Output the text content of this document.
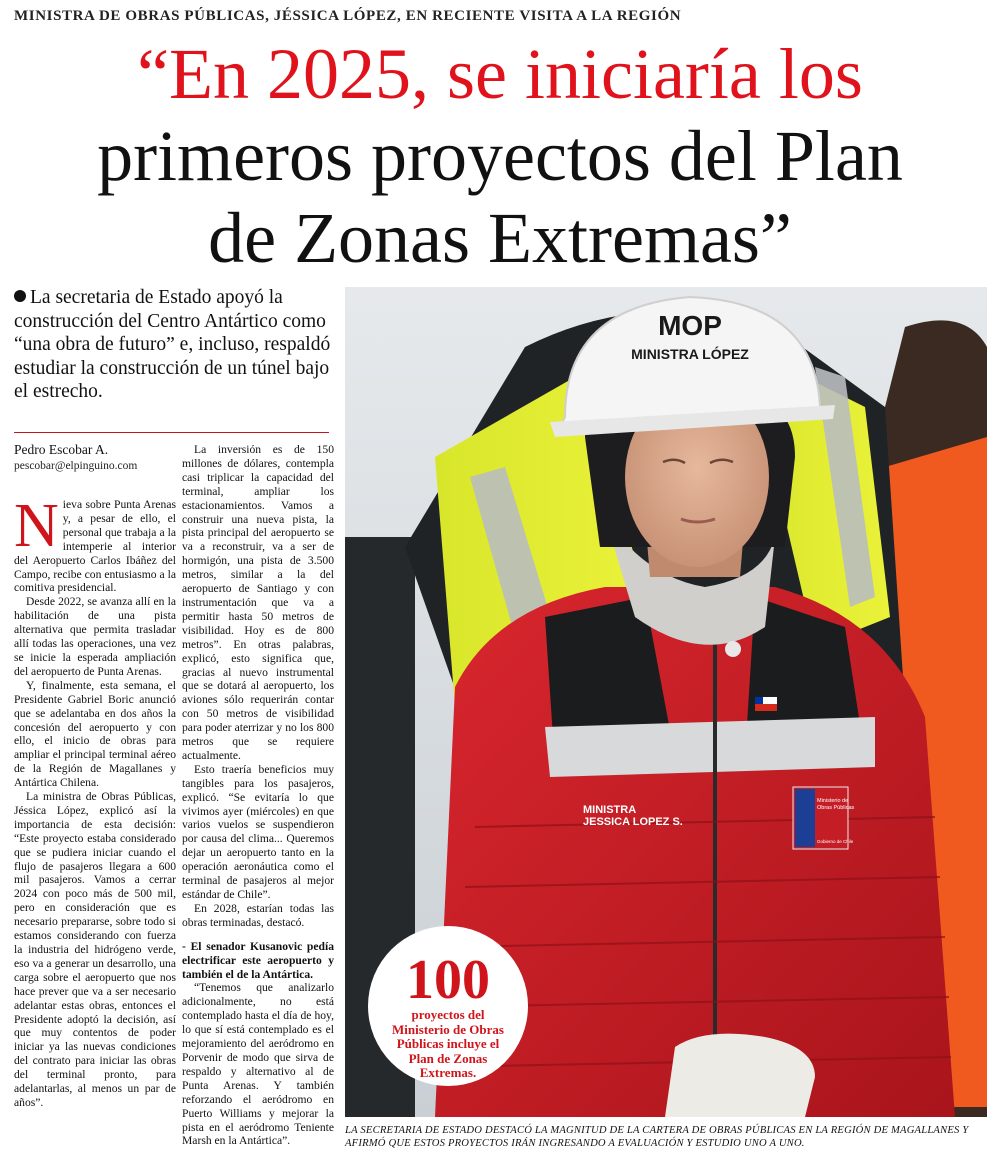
MINISTRA DE OBRAS PÚBLICAS, JÉSSICA LÓPEZ, EN RECIENTE VISITA A LA REGIÓN
“En 2025, se iniciaría los
primeros proyectos del Plan
de Zonas Extremas”
La secretaria de Estado apoyó la construcción del Centro Antártico como “una obra de futuro” e, incluso, respaldó estudiar la construcción de un túnel bajo el estrecho.
Pedro Escobar A.
pescobar@elpinguino.com

Nieva sobre Punta Arenas y, a pesar de ello, el personal que trabaja a la intemperie al interior del Aeropuerto Carlos Ibáñez del Campo, recibe con entusiasmo a la comitiva presidencial.

Desde 2022, se avanza allí en la habilitación de una pista alternativa que permita trasladar allí todas las operaciones, una vez se inicie la esperada ampliación del aeropuerto de Punta Arenas.

Y, finalmente, esta semana, el Presidente Gabriel Boric anunció que se adelantaba en dos años la concesión del aeropuerto y con ello, el inicio de obras para ampliar el principal terminal aéreo de la Región de Magallanes y Antártica Chilena.

La ministra de Obras Públicas, Jéssica López, explicó así la importancia de esta decisión: “Este proyecto estaba considerado que se pudiera iniciar cuando el flujo de pasajeros llegara a 600 mil pasajeros. Vamos a cerrar 2024 con poco más de 500 mil, pero en consideración que es necesario prepararse, sobre todo si estamos considerando con fuerza la industria del hidrógeno verde, eso va a generar un desarrollo, una carga sobre el aeropuerto que nos hace prever que va a ser necesario adelantar estas obras, entonces el Presidente adoptó la decisión, así que muy contentos de poder iniciar ya las nuevas condiciones del contrato para iniciar las obras del terminal pronto, para adelantarlas, al menos un par de años”.

La inversión es de 150 millones de dólares, contempla casi triplicar la capacidad del terminal, ampliar los estacionamientos. Vamos a construir una nueva pista, la pista principal del aeropuerto se va a reconstruir, va a ser de hormigón, una pista de 3.500 metros, similar a la del aeropuerto de Santiago y con instrumentación que va a permitir hasta 50 metros de visibilidad. Hoy es de 800 metros”. En otras palabras, explicó, esto significa que, gracias al nuevo instrumental que se dotará al aeropuerto, los aviones sólo requerirán contar con 50 metros de visibilidad para poder aterrizar y no los 800 metros que se requiere actualmente.

Esto traería beneficios muy tangibles para los pasajeros, explicó. “Se evitaría lo que vivimos ayer (miércoles) en que varios vuelos se suspendieron por causa del clima... Queremos dejar un aeropuerto tanto en la operación aeronáutica como el terminal de pasajeros al mejor estándar de Chile”.

En 2028, estarían todas las obras terminadas, destacó.

- El senador Kusanovic pedía electrificar este aeropuerto y también el de la Antártica.

“Tenemos que analizarlo adicionalmente, no está contemplado hasta el día de hoy, lo que sí está contemplado es el mejoramiento del aeródromo en Porvenir de modo que sirva de respaldo y alternativo al de Punta Arenas. Y también reforzando el aeródromo en Puerto Williams y mejorar la pista en el aeródromo Teniente Marsh en la Antártica”.

MOP
MINISTRA LÓPEZ
MINISTRA
JESSICA LOPEZ S.
Ministerio de
Obras Públicas
Gobierno de Chile
100
proyectos del Ministerio de Obras Públicas incluye el Plan de Zonas Extremas.
LA SECRETARIA DE ESTADO DESTACÓ LA MAGNITUD DE LA CARTERA DE OBRAS PÚBLICAS EN LA REGIÓN DE MAGALLANES Y AFIRMÓ QUE ESTOS PROYECTOS IRÁN INGRESANDO A EVALUACIÓN Y ESTUDIO UNO A UNO.
